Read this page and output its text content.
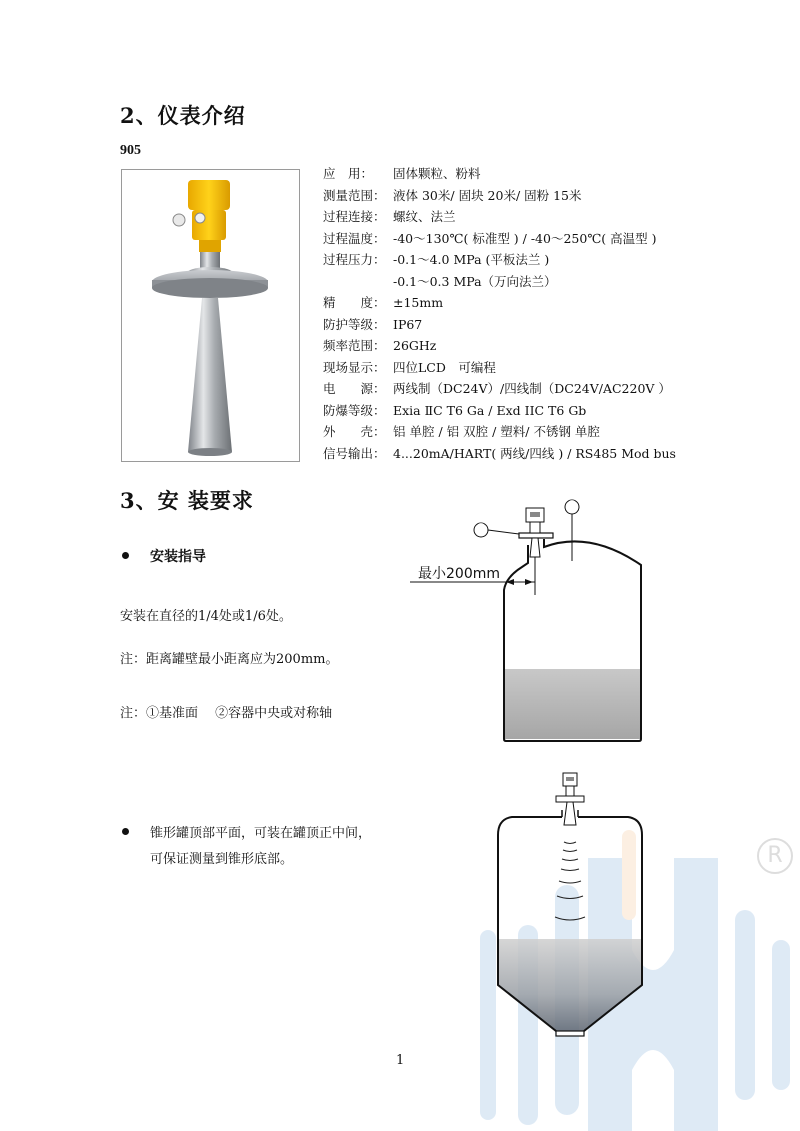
R
2、仪表介绍
905
应　用： 固体颗粒、粉料
测量范围： 液体 30米/ 固块 20米/ 固粉 15米
过程连接： 螺纹、法兰
过程温度： -40～130℃( 标准型 ) / -40～250℃( 高温型 )
过程压力：-0.1～4.0 MPa (平板法兰 )
-0.1～0.3 MPa（万向法兰）
精　　度： ±15mm
防护等级： IP67
频率范围： 26GHz
现场显示： 四位LCD　可编程
电　　源： 两线制（DC24V）/四线制（DC24V/AC220V ）
防爆等级：Exia ⅡC T6 Ga / Exd IIC T6 Gb
外　　壳： 铝 单腔 / 铝 双腔 / 塑料/ 不锈钢 单腔
信号输出： 4...20mA/HART( 两线/四线 ) / RS485 Mod bus
3、安 装要求
安装指导
安装在直径的1/4处或1/6处。
注：距离罐壁最小距离应为200mm。
注：①基准面　 ②容器中央或对称轴
①
②
最小200mm
锥形罐顶部平面，可装在罐顶正中间，
可保证测量到锥形底部。
1
